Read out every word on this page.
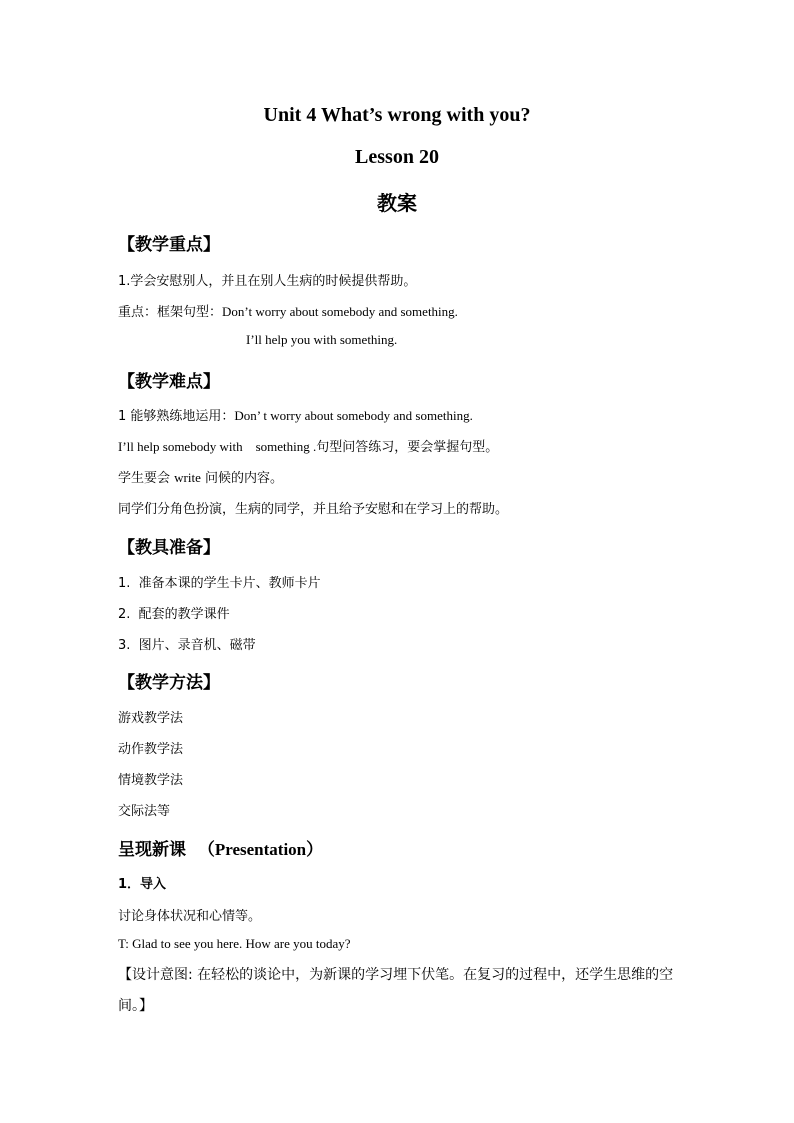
Unit 4 What’s wrong with you?
Lesson 20
教案
【教学重点】
1.学会安慰别人，并且在别人生病的时候提供帮助。
重点：框架句型：Don’t worry about somebody and something.
I’ll help you with something.
【教学难点】
1 能够熟练地运用：Don’ t worry about somebody and something.
I’ll help somebody with    something .句型问答练习，要会掌握句型。
学生要会 write 问候的内容。
同学们分角色扮演，生病的同学，并且给予安慰和在学习上的帮助。
【教具准备】
1.  准备本课的学生卡片、教师卡片
2.  配套的教学课件
3.  图片、录音机、磁带
【教学方法】
游戏教学法
动作教学法
情境教学法
交际法等
呈现新课  （Presentation）
1．导入
讨论身体状况和心情等。
T: Glad to see you here. How are you today?
【设计意图: 在轻松的谈论中，为新课的学习埋下伏笔。在复习的过程中，还学生思维的空间。】
